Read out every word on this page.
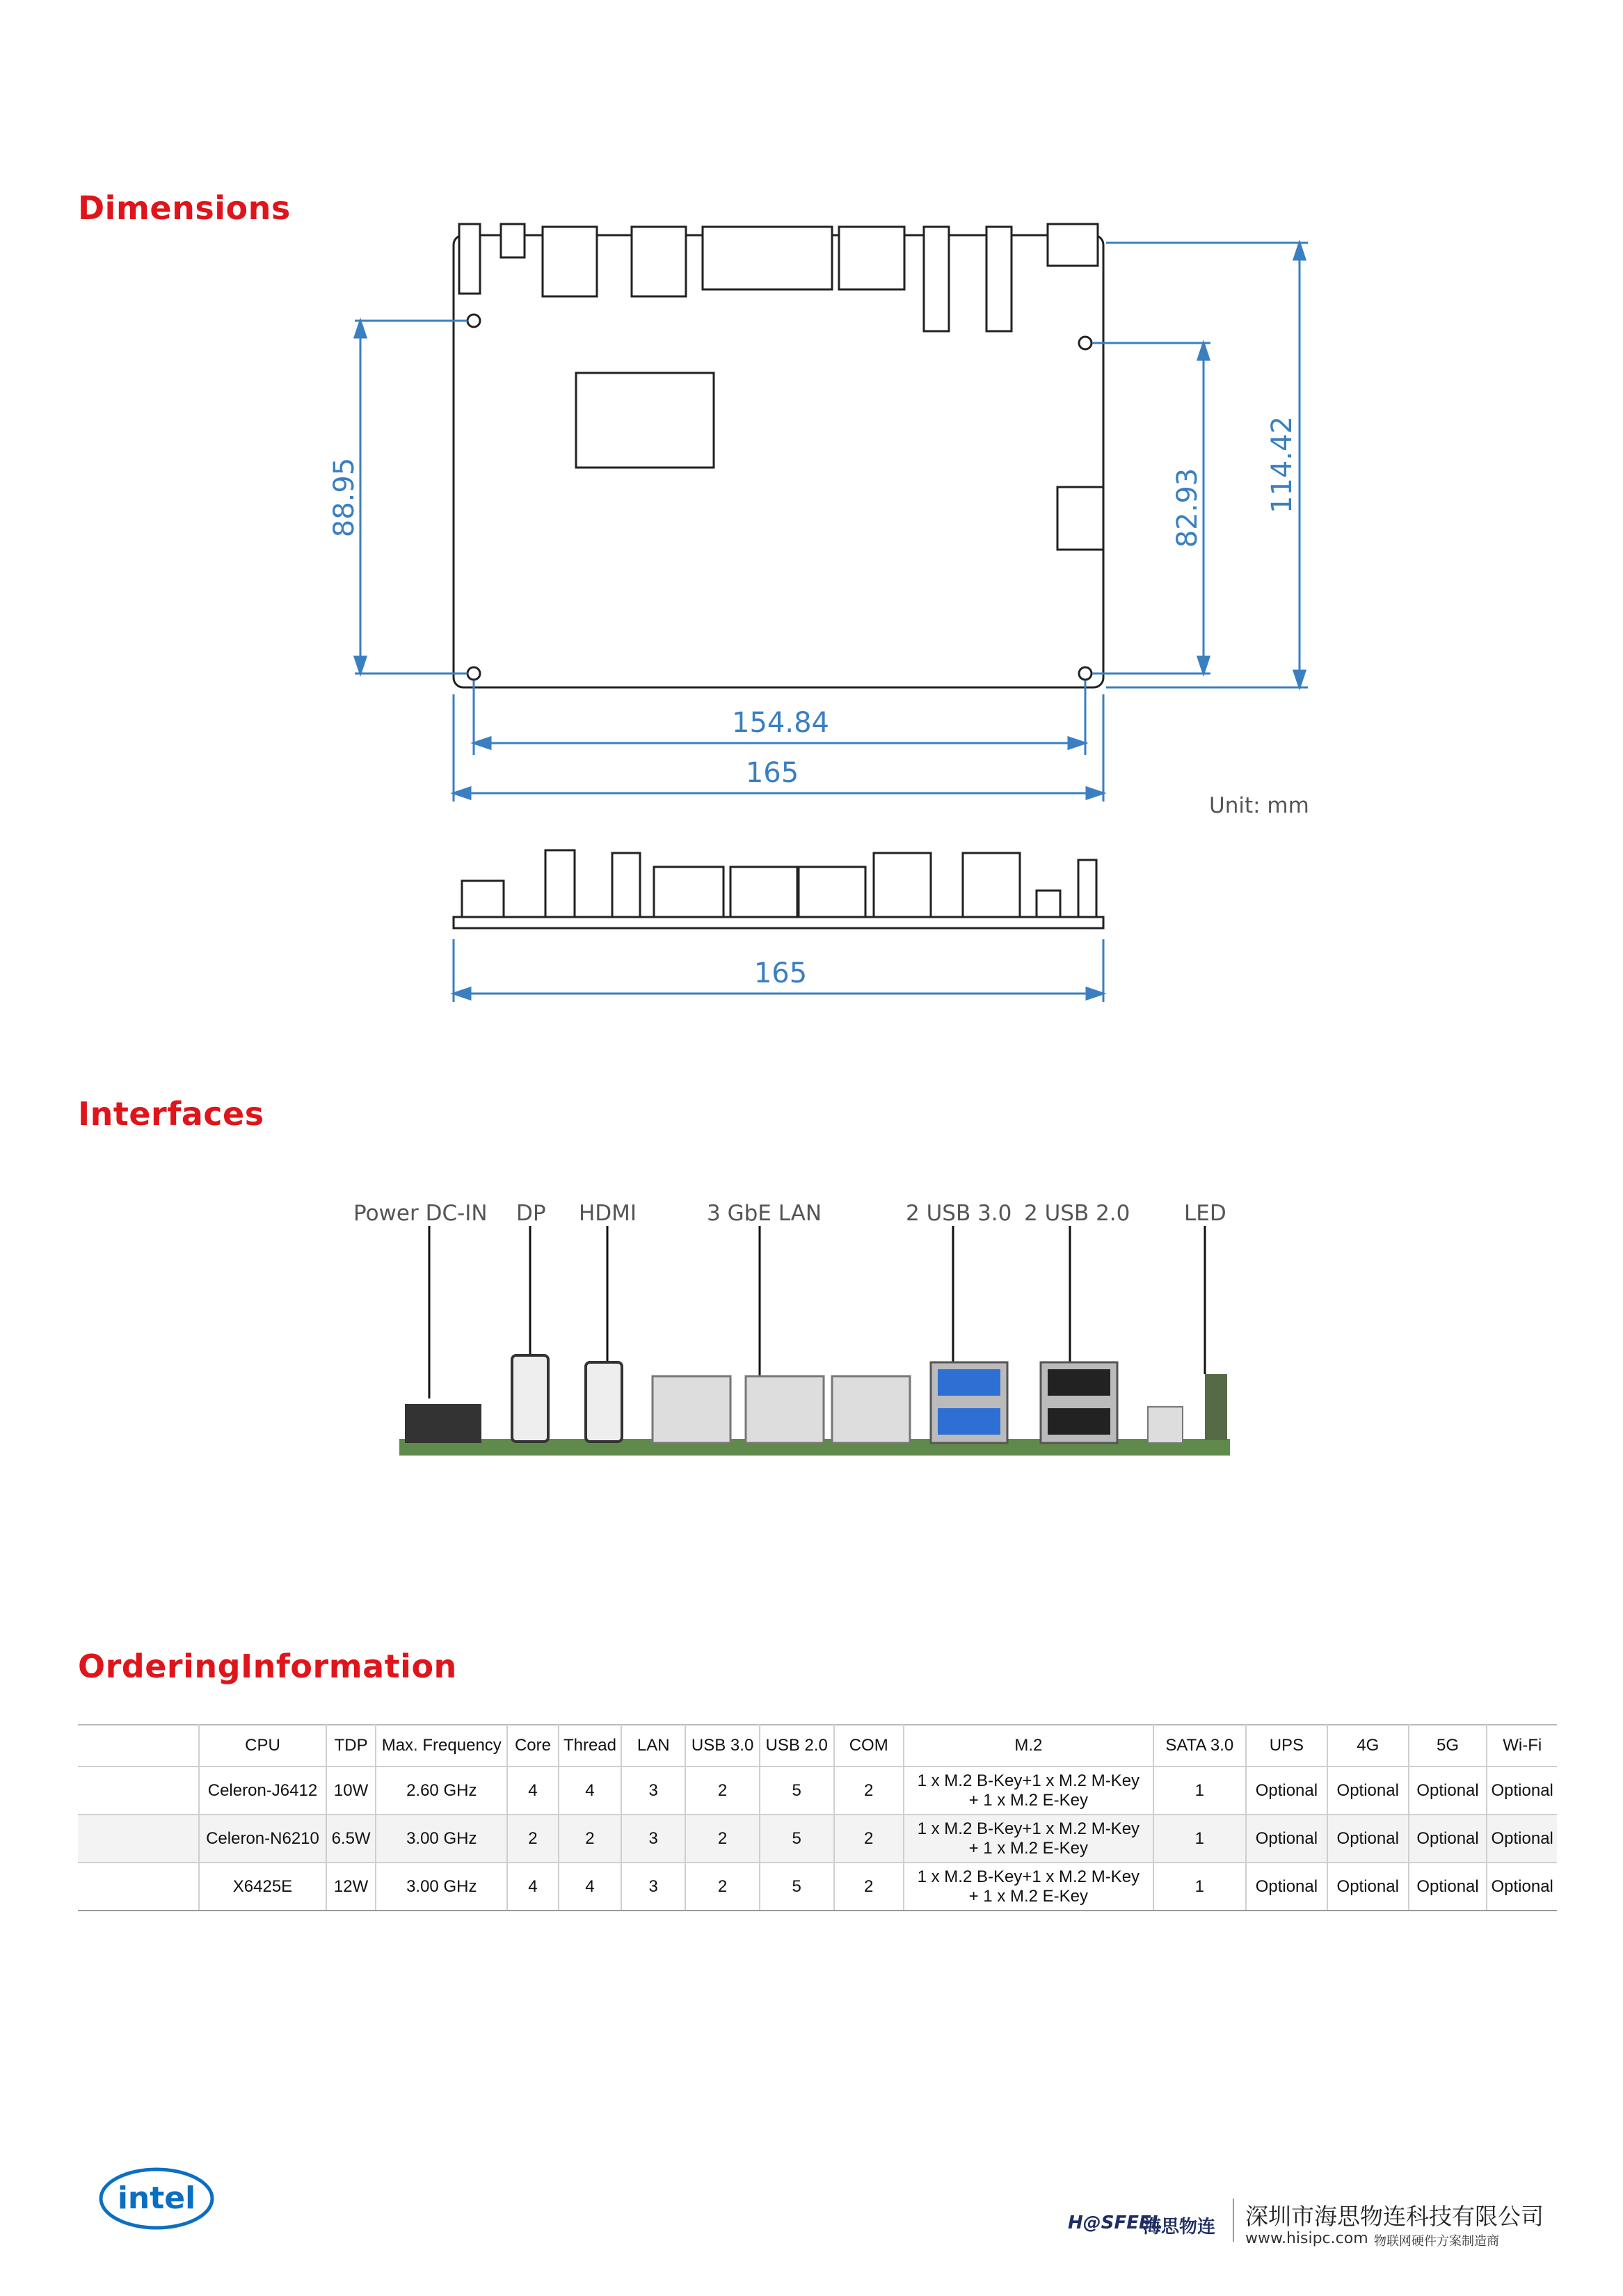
Dimensions
Interfaces
OrderingInformation
88.95	82.93 114.42
154.84
165
165
Unit: mm
Power DC-IN DP HDMI	3 GbE LAN	2 USB 3.0 2 USB 2.0	LED
	CPU	TDP	Max. Frequency	Core	Thread	LAN	USB 3.0	USB 2.0	COM	M.2	SATA 3.0	UPS	4G	5G	Wi-Fi
	Celeron-J6412	10W	2.60 GHz	4	4	3	2	5	2	1 x M.2 B-Key+1 x M.2 M-Key
+ 1 x M.2 E-Key	1	Optional	Optional	Optional	Optional
	Celeron-N6210	6.5W	3.00 GHz	2	2	3	2	5	2	1 x M.2 B-Key+1 x M.2 M-Key
+ 1 x M.2 E-Key	1	Optional	Optional	Optional	Optional
	X6425E	12W	3.00 GHz	4	4	3	2	5	2	1 x M.2 B-Key+1 x M.2 M-Key
+ 1 x M.2 E-Key	1	Optional	Optional	Optional	Optional
intel
H@SFEEL
海思物连 深圳市海思物连科技有限公司
www.hisipc.com 物联网硬件方案制造商
